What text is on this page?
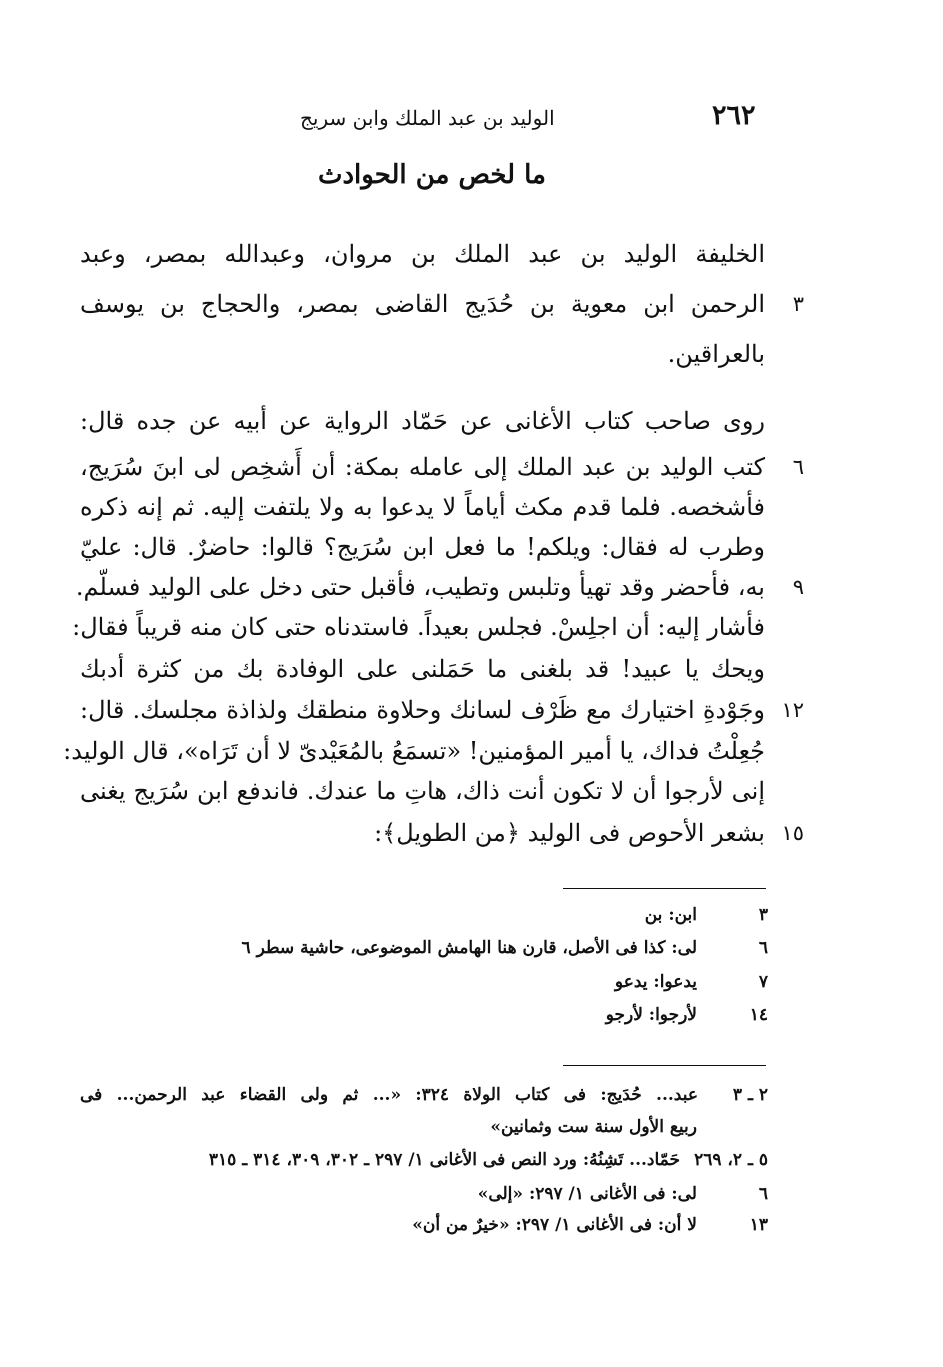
٢٦٢
الوليد بن عبد الملك وابن سريج
ما لخص من الحوادث
الخليفة الوليد بن عبد الملك بن مروان، وعبدالله بمصر، وعبد
٣
الرحمن ابن معوية بن حُدَيج القاضى بمصر، والحجاج بن يوسف
بالعراقين.
روى صاحب كتاب الأغانى عن حَمّاد الرواية عن أبيه عن جده قال:
٦
كتب الوليد بن عبد الملك إلى عامله بمكة: أن أَشخِص لى ابنَ سُرَيج،
فأشخصه. فلما قدم مكث أياماً لا يدعوا به ولا يلتفت إليه. ثم إنه ذكره
وطرب له فقال: ويلكم! ما فعل ابن سُرَيج؟ قالوا: حاضرٌ. قال: عليّ
٩
به، فأحضر وقد تهيأ وتلبس وتطيب، فأقبل حتى دخل على الوليد فسلّم.
فأشار إليه: أن اجلِسْ. فجلس بعيداً. فاستدناه حتى كان منه قريباً فقال:
ويحك يا عبيد! قد بلغنى ما حَمَلنى على الوفادة بك من كثرة أدبك
١٢
وجَوْدةِ اختيارك مع ظَرْف لسانك وحلاوة منطقك ولذاذة مجلسك. قال:
جُعِلْتُ فداك، يا أمير المؤمنين! «تسمَعُ بالمُعَيْدىّ لا أن تَرَاه»، قال الوليد:
إنى لأرجوا أن لا تكون أنت ذاك، هاتِ ما عندك. فاندفع ابن سُرَيج يغنى
١٥
بشعر الأحوص فى الوليد ﴿من الطويل﴾:
٣
ابن: بن
٦
لى: كذا فى الأصل، قارن هنا الهامش الموضوعى، حاشية سطر ٦
٧
يدعوا: يدعو
١٤
لأرجوا: لأرجو
٢ ـ ٣
عبد... حُدَيج: فى كتاب الولاة ٣٢٤: «... ثم ولى القضاء عبد الرحمن... فى
ربيع الأول سنة ست وثمانين»
٥ ـ ٢، ٢٦٩
حَمّاد... تَشِنُهُ: ورد النص فى الأغانى ١/ ٢٩٧ ـ ٣٠٢، ٣٠٩، ٣١٤ ـ ٣١٥
٦
لى: فى الأغانى ١/ ٢٩٧: «إلى»
١٣
لا أن: فى الأغانى ١/ ٢٩٧: «خيرٌ من أن»
